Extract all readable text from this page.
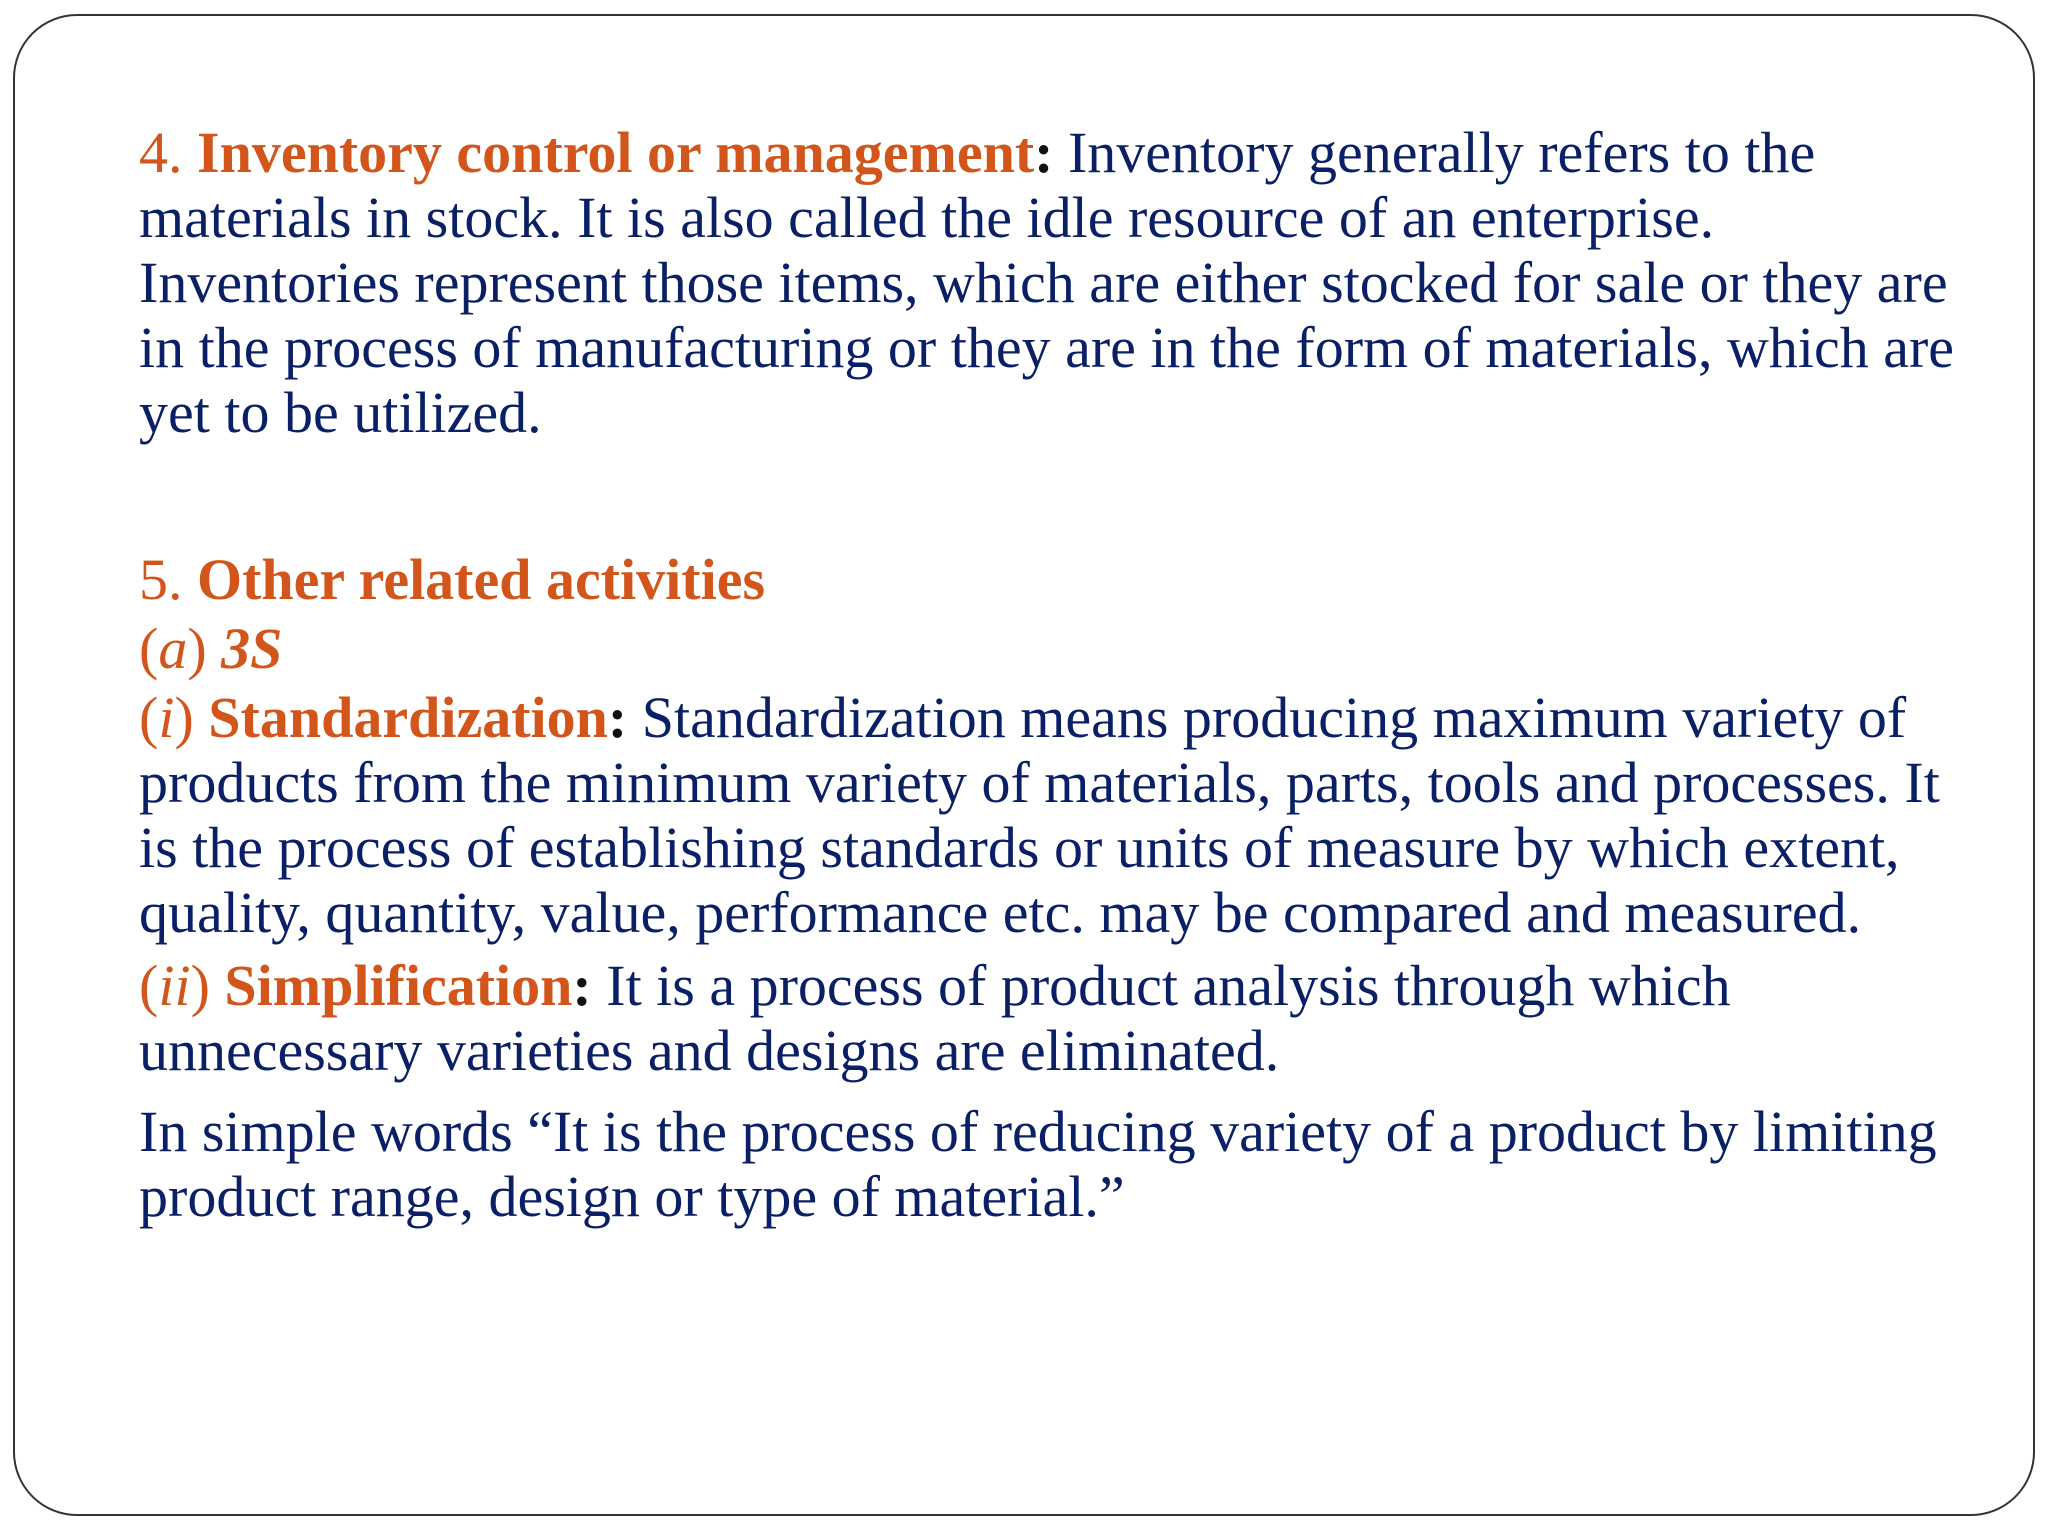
4. Inventory control or management: Inventory generally refers to the materials in stock. It is also called the idle resource of an enterprise. Inventories represent those items, which are either stocked for sale or they are in the process of manufacturing or they are in the form of materials, which are yet to be utilized.

5. Other related activities

(a) 3S

(i) Standardization: Standardization means producing maximum variety of products from the minimum variety of materials, parts, tools and processes. It is the process of establishing standards or units of measure by which extent, quality, quantity, value, performance etc. may be compared and measured.

(ii) Simplification: It is a process of product analysis through which unnecessary varieties and designs are eliminated.

In simple words “It is the process of reducing variety of a product by limiting product range, design or type of material.”
